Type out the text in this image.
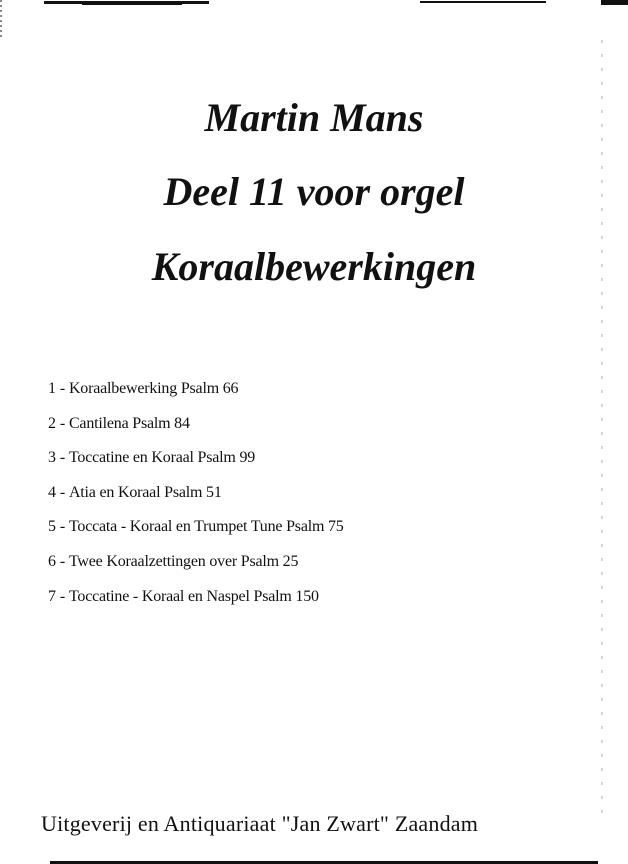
Martin Mans
Deel 11 voor orgel
Koraalbewerkingen
1 - Koraalbewerking Psalm 66
2 - Cantilena Psalm 84
3 - Toccatine en Koraal Psalm 99
4 - Atia en Koraal Psalm 51
5 - Toccata - Koraal en Trumpet Tune Psalm 75
6 - Twee Koraalzettingen over Psalm 25
7 - Toccatine - Koraal en Naspel Psalm 150
Uitgeverij en Antiquariaat "Jan Zwart" Zaandam
